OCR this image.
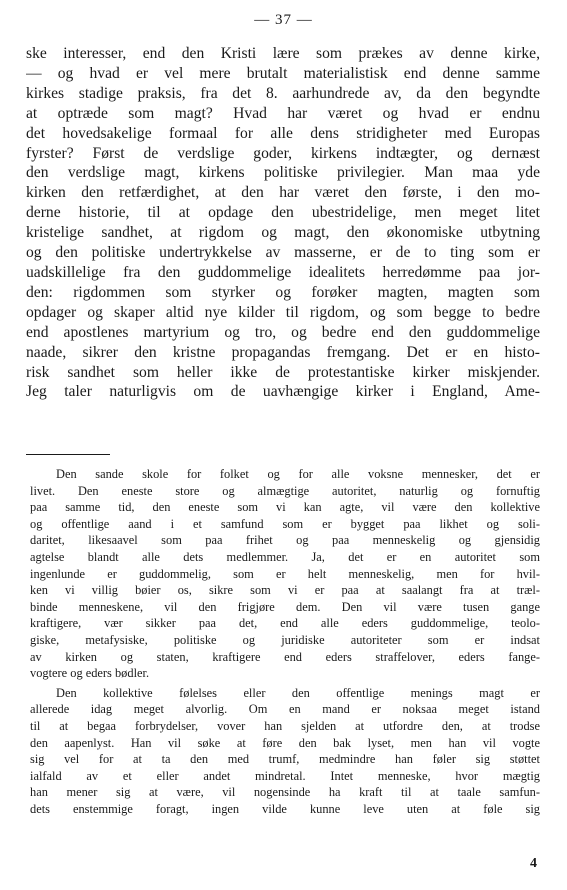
— 37 —
ske interesser, end den Kristi lære som prækes av denne kirke,
— og hvad er vel mere brutalt materialistisk end denne samme
kirkes stadige praksis, fra det 8. aarhundrede av, da den begyndte
at optræde som magt? Hvad har været og hvad er endnu
det hovedsakelige formaal for alle dens stridigheter med Europas
fyrster? Først de verdslige goder, kirkens indtægter, og dernæst
den verdslige magt, kirkens politiske privilegier. Man maa yde
kirken den retfærdighet, at den har været den første, i den mo-
derne historie, til at opdage den ubestridelige, men meget litet
kristelige sandhet, at rigdom og magt, den økonomiske utbytning
og den politiske undertrykkelse av masserne, er de to ting som er
uadskillelige fra den guddommelige idealitets herredømme paa jor-
den: rigdommen som styrker og forøker magten, magten som
opdager og skaper altid nye kilder til rigdom, og som begge to bedre
end apostlenes martyrium og tro, og bedre end den guddommelige
naade, sikrer den kristne propagandas fremgang. Det er en histo-
risk sandhet som heller ikke de protestantiske kirker miskjender.
Jeg taler naturligvis om de uavhængige kirker i England, Ame-

Den sande skole for folket og for alle voksne mennesker, det er
livet. Den eneste store og almægtige autoritet, naturlig og fornuftig
paa samme tid, den eneste som vi kan agte, vil være den kollektive
og offentlige aand i et samfund som er bygget paa likhet og soli-
daritet, likesaavel som paa frihet og paa menneskelig og gjensidig
agtelse blandt alle dets medlemmer. Ja, det er en autoritet som
ingenlunde er guddommelig, som er helt menneskelig, men for hvil-
ken vi villig bøier os, sikre som vi er paa at saalangt fra at træl-
binde menneskene, vil den frigjøre dem. Den vil være tusen gange
kraftigere, vær sikker paa det, end alle eders guddommelige, teolo-
giske, metafysiske, politiske og juridiske autoriteter som er indsat
av kirken og staten, kraftigere end eders straffelover, eders fange-
vogtere og eders bødler.

Den kollektive følelses eller den offentlige menings magt er
allerede idag meget alvorlig. Om en mand er noksaa meget istand
til at begaa forbrydelser, vover han sjelden at utfordre den, at trodse
den aapenlyst. Han vil søke at føre den bak lyset, men han vil vogte
sig vel for at ta den med trumf, medmindre han føler sig støttet
ialfald av et eller andet mindretal. Intet menneske, hvor mægtig
han mener sig at være, vil nogensinde ha kraft til at taale samfun-
dets enstemmige foragt, ingen vilde kunne leve uten at føle sig

4
